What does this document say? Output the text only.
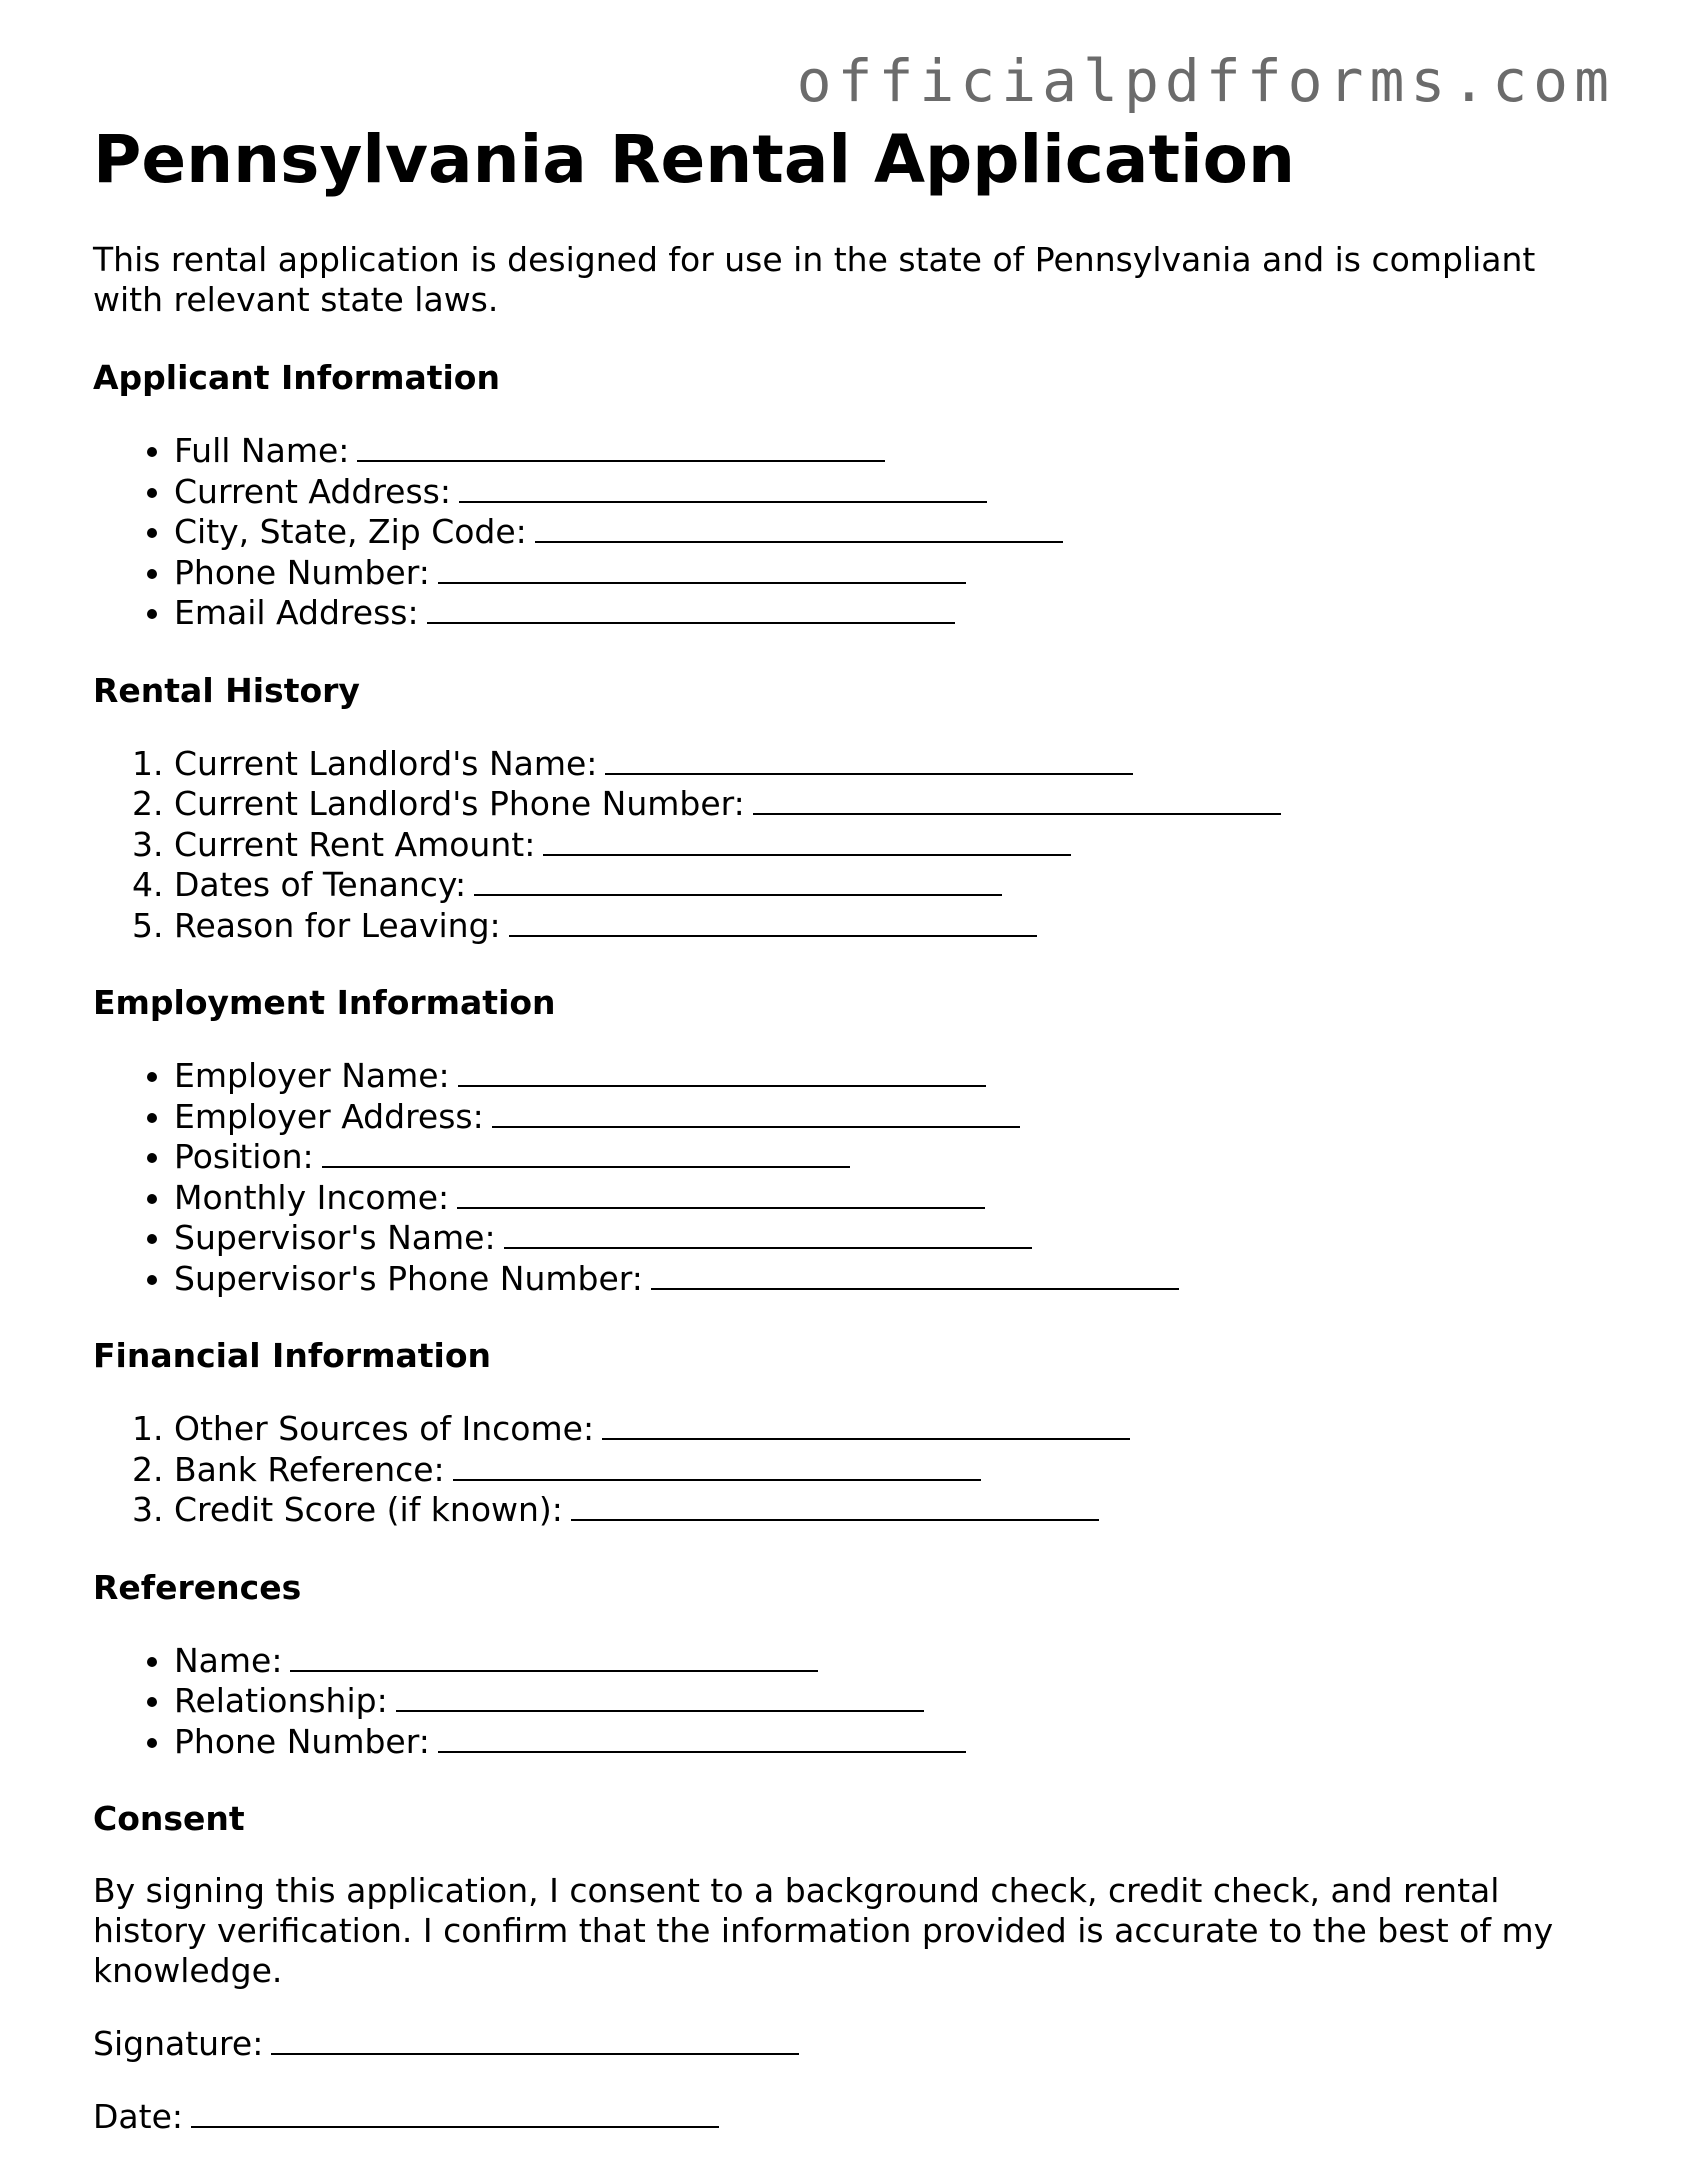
officialpdfforms.com
Pennsylvania Rental Application

This rental application is designed for use in the state of Pennsylvania and is compliant with relevant state laws.

Applicant Information
• Full Name:
• Current Address:
• City, State, Zip Code:
• Phone Number:
• Email Address:
Rental History
1. Current Landlord's Name:
2. Current Landlord's Phone Number:
3. Current Rent Amount:
4. Dates of Tenancy:
5. Reason for Leaving:
Employment Information
• Employer Name:
• Employer Address:
• Position:
• Monthly Income:
• Supervisor's Name:
• Supervisor's Phone Number:
Financial Information
1. Other Sources of Income:
2. Bank Reference:
3. Credit Score (if known):
References
• Name:
• Relationship:
• Phone Number:
Consent

By signing this application, I consent to a background check, credit check, and rental history verification. I confirm that the information provided is accurate to the best of my knowledge.

Signature:

Date:
